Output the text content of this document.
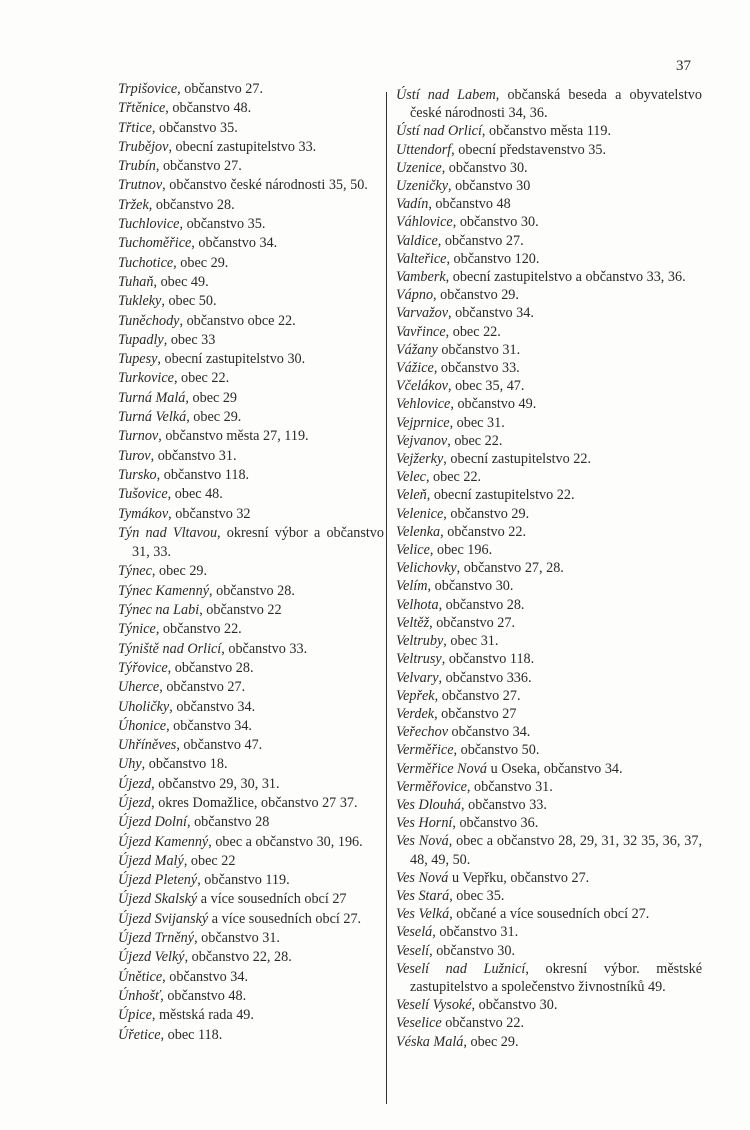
37
Trpišovice, občanstvo 27.
Třtěnice, občanstvo 48.
Třtice, občanstvo 35.
Trubějov, obecní zastupitelstvo 33.
Trubín, občanstvo 27.
Trutnov, občanstvo české národnosti 35, 50.
Tržek, občanstvo 28.
Tuchlovice, občanstvo 35.
Tuchoměřice, občanstvo 34.
Tuchotice, obec 29.
Tuhaň, obec 49.
Tukleky, obec 50.
Tuněchody, občanstvo obce 22.
Tupadly, obec 33
Tupesy, obecní zastupitelstvo 30.
Turkovice, obec 22.
Turná Malá, obec 29
Turná Velká, obec 29.
Turnov, občanstvo města 27, 119.
Turov, občanstvo 31.
Tursko, občanstvo 118.
Tušovice, obec 48.
Tymákov, občanstvo 32
Týn nad Vltavou, okresní výbor a občanstvo 31, 33.
Týnec, obec 29.
Týnec Kamenný, občanstvo 28.
Týnec na Labi, občanstvo 22
Týnice, občanstvo 22.
Týniště nad Orlicí, občanstvo 33.
Týřovice, občanstvo 28.
Uherce, občanstvo 27.
Uholičky, občanstvo 34.
Úhonice, občanstvo 34.
Uhříněves, občanstvo 47.
Uhy, občanstvo 18.
Újezd, občanstvo 29, 30, 31.
Újezd, okres Domažlice, občanstvo 27 37.
Újezd Dolní, občanstvo 28
Újezd Kamenný, obec a občanstvo 30, 196.
Újezd Malý, obec 22
Újezd Pletený, občanstvo 119.
Újezd Skalský a více sousedních obcí 27
Újezd Svijanský a více sousedních obcí 27.
Újezd Trněný, občanstvo 31.
Újezd Velký, občanstvo 22, 28.
Únětice, občanstvo 34.
Únhošť, občanstvo 48.
Úpice, městská rada 49.
Úřetice, obec 118.
Ústí nad Labem, občanská beseda a obyvatelstvo české národnosti 34, 36.
Ústí nad Orlicí, občanstvo města 119.
Uttendorf, obecní představenstvo 35.
Uzenice, občanstvo 30.
Uzeničky, občanstvo 30
Vadín, občanstvo 48
Váhlovice, občanstvo 30.
Valdice, občanstvo 27.
Valteřice, občanstvo 120.
Vamberk, obecní zastupitelstvo a občanstvo 33, 36.
Vápno, občanstvo 29.
Varvažov, občanstvo 34.
Vavřince, obec 22.
Vážany občanstvo 31.
Vážice, občanstvo 33.
Včelákov, obec 35, 47.
Vehlovice, občanstvo 49.
Vejprnice, obec 31.
Vejvanov, obec 22.
Vejžerky, obecní zastupitelstvo 22.
Velec, obec 22.
Veleň, obecní zastupitelstvo 22.
Velenice, občanstvo 29.
Velenka, občanstvo 22.
Velice, obec 196.
Velichovky, občanstvo 27, 28.
Velím, občanstvo 30.
Velhota, občanstvo 28.
Veltěž, občanstvo 27.
Veltruby, obec 31.
Veltrusy, občanstvo 118.
Velvary, občanstvo 336.
Vepřek, občanstvo 27.
Verdek, občanstvo 27
Veřechov občanstvo 34.
Verměřice, občanstvo 50.
Verměřice Nová u Oseka, občanstvo 34.
Verměřovice, občanstvo 31.
Ves Dlouhá, občanstvo 33.
Ves Horní, občanstvo 36.
Ves Nová, obec a občanstvo 28, 29, 31, 32 35, 36, 37, 48, 49, 50.
Ves Nová u Vepřku, občanstvo 27.
Ves Stará, obec 35.
Ves Velká, občané a více sousedních obcí 27.
Veselá, občanstvo 31.
Veselí, občanstvo 30.
Veselí nad Lužnicí, okresní výbor. městské zastupitelstvo a společenstvo živnostníků 49.
Veselí Vysoké, občanstvo 30.
Veselice občanstvo 22.
Véska Malá, obec 29.
